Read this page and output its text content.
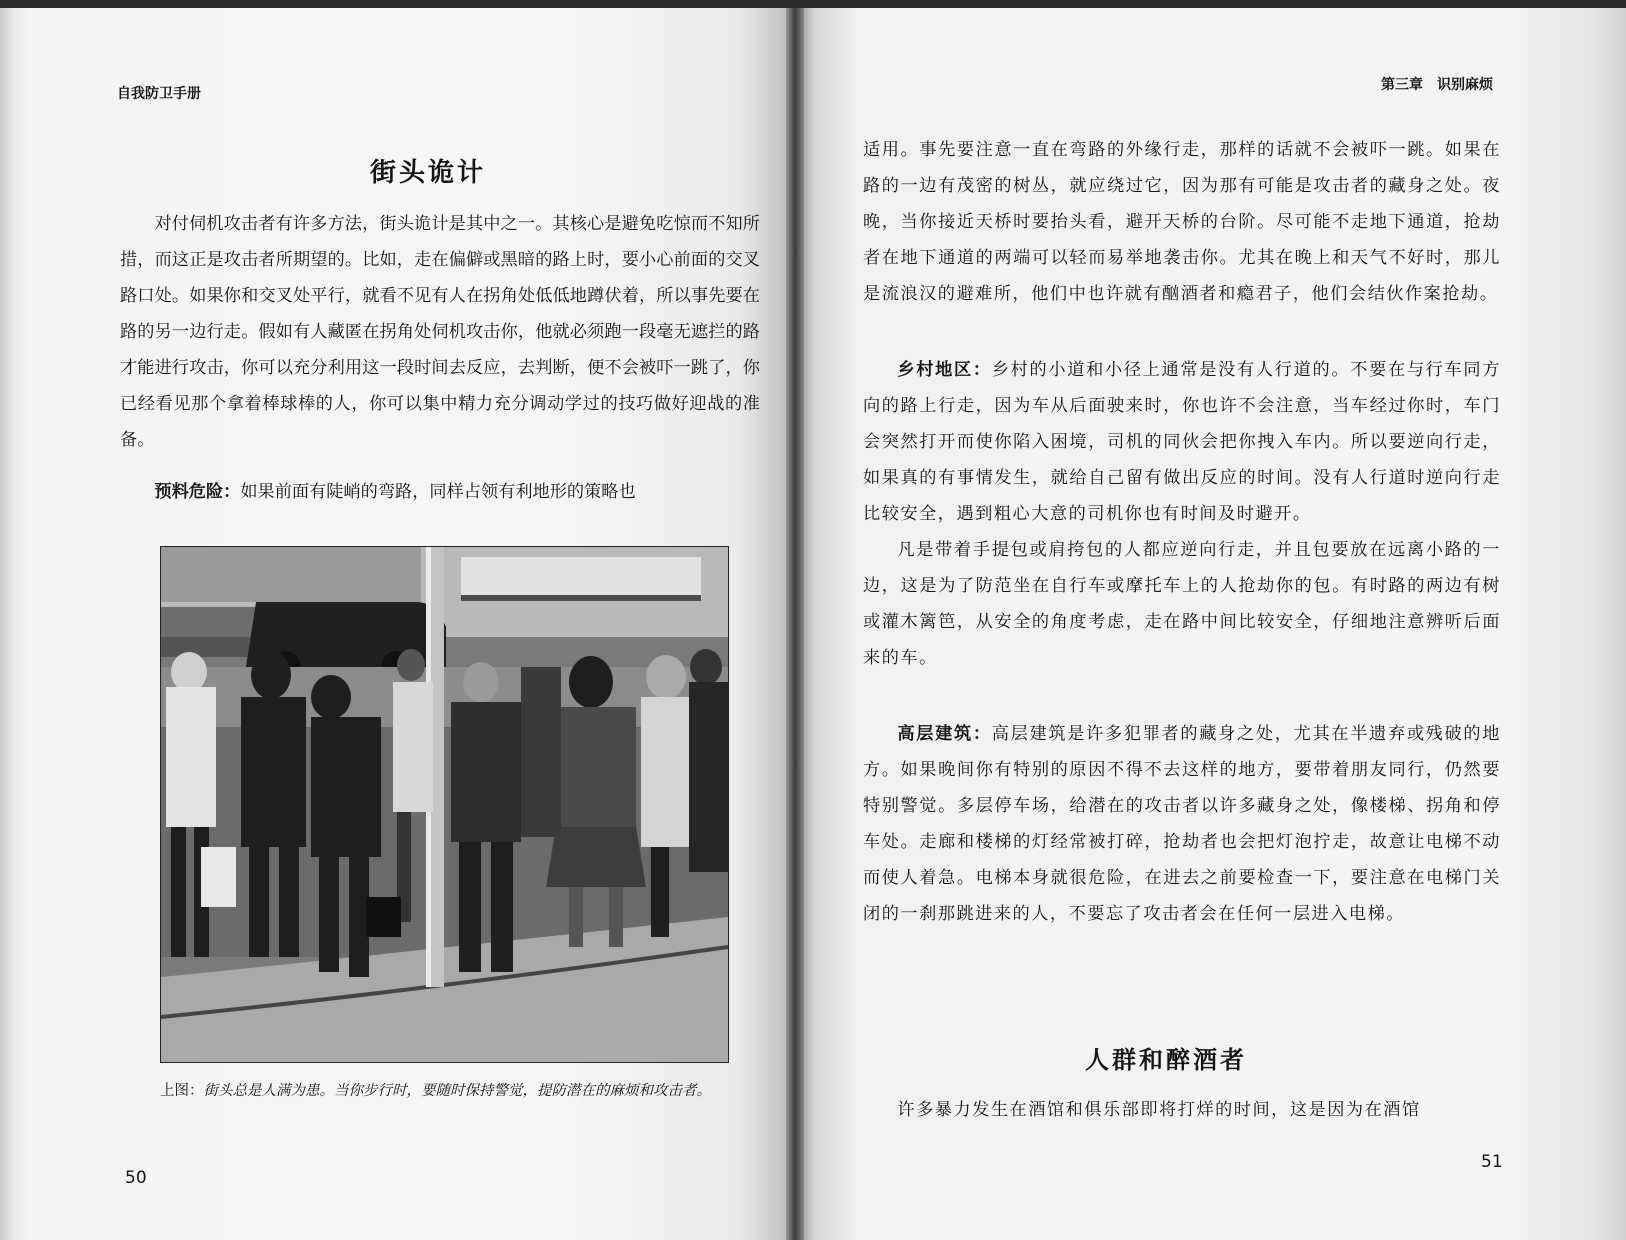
自我防卫手册
街头诡计

对付伺机攻击者有许多方法，街头诡计是其中之一。其核心是避免吃惊而不知所措，而这正是攻击者所期望的。比如，走在偏僻或黑暗的路上时，要小心前面的交叉路口处。如果你和交叉处平行，就看不见有人在拐角处低低地蹲伏着，所以事先要在路的另一边行走。假如有人藏匿在拐角处伺机攻击你，他就必须跑一段毫无遮拦的路才能进行攻击，你可以充分利用这一段时间去反应，去判断，便不会被吓一跳了，你已经看见那个拿着棒球棒的人，你可以集中精力充分调动学过的技巧做好迎战的准备。

预料危险：如果前面有陡峭的弯路，同样占领有利地形的策略也

上图：街头总是人满为患。当你步行时，要随时保持警觉，提防潜在的麻烦和攻击者。
50
第三章　识别麻烦

适用。事先要注意一直在弯路的外缘行走，那样的话就不会被吓一跳。如果在路的一边有茂密的树丛，就应绕过它，因为那有可能是攻击者的藏身之处。夜晚，当你接近天桥时要抬头看，避开天桥的台阶。尽可能不走地下通道，抢劫者在地下通道的两端可以轻而易举地袭击你。尤其在晚上和天气不好时，那儿是流浪汉的避难所，他们中也许就有酗酒者和瘾君子，他们会结伙作案抢劫。

乡村地区：乡村的小道和小径上通常是没有人行道的。不要在与行车同方向的路上行走，因为车从后面驶来时，你也许不会注意，当车经过你时，车门会突然打开而使你陷入困境，司机的同伙会把你拽入车内。所以要逆向行走，如果真的有事情发生，就给自己留有做出反应的时间。没有人行道时逆向行走比较安全，遇到粗心大意的司机你也有时间及时避开。

凡是带着手提包或肩挎包的人都应逆向行走，并且包要放在远离小路的一边，这是为了防范坐在自行车或摩托车上的人抢劫你的包。有时路的两边有树或灌木篱笆，从安全的角度考虑，走在路中间比较安全，仔细地注意辨听后面来的车。

高层建筑：高层建筑是许多犯罪者的藏身之处，尤其在半遗弃或残破的地方。如果晚间你有特别的原因不得不去这样的地方，要带着朋友同行，仍然要特别警觉。多层停车场，给潜在的攻击者以许多藏身之处，像楼梯、拐角和停车处。走廊和楼梯的灯经常被打碎，抢劫者也会把灯泡拧走，故意让电梯不动而使人着急。电梯本身就很危险，在进去之前要检查一下，要注意在电梯门关闭的一刹那跳进来的人，不要忘了攻击者会在任何一层进入电梯。

人群和醉酒者

许多暴力发生在酒馆和俱乐部即将打烊的时间，这是因为在酒馆

51
